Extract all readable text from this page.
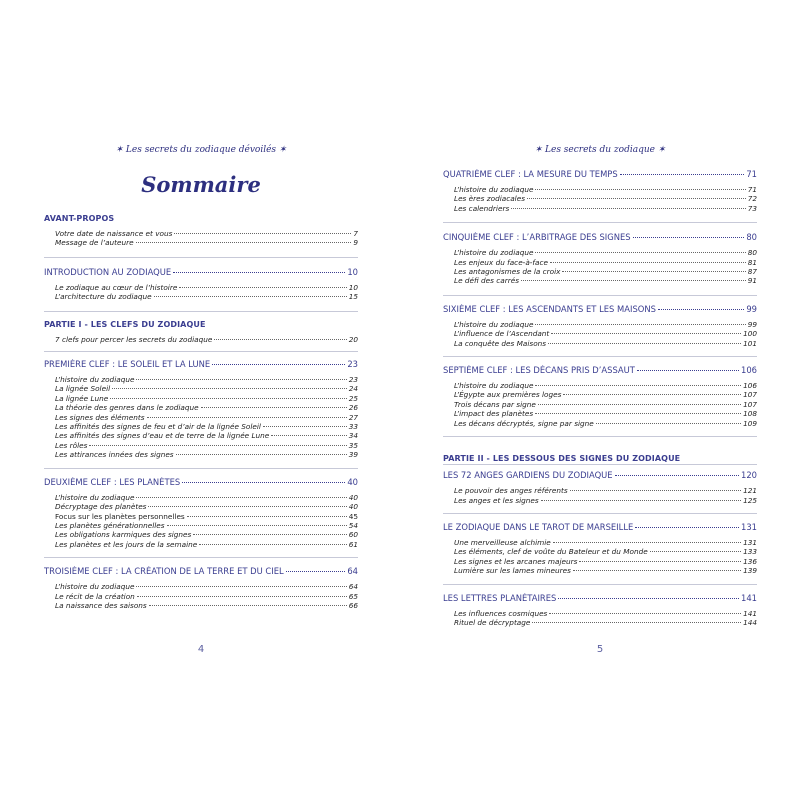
✶ Les secrets du zodiaque dévoilés ✶
Sommaire
AVANT-PROPOS
Votre date de naissance et vous	7
Message de l’auteure	9
INTRODUCTION AU ZODIAQUE	10
Le zodiaque au cœur de l’histoire	10
L’architecture du zodiaque	15
PARTIE I - LES CLEFS DU ZODIAQUE
7 clefs pour percer les secrets du zodiaque	20
PREMIÈRE CLEF : LE SOLEIL ET LA LUNE	23
L’histoire du zodiaque	23
La lignée Soleil	24
La lignée Lune	25
La théorie des genres dans le zodiaque	26
Les signes des éléments	27
Les affinités des signes de feu et d’air de la lignée Soleil	33
Les affinités des signes d’eau et de terre de la lignée Lune	34
Les rôles	35
Les attirances innées des signes	39
DEUXIÈME CLEF : LES PLANÈTES	40
L’histoire du zodiaque	40
Décryptage des planètes	40
Focus sur les planètes personnelles	45
Les planètes générationnelles	54
Les obligations karmiques des signes	60
Les planètes et les jours de la semaine	61
TROISIÈME CLEF : LA CRÉATION DE LA TERRE ET DU CIEL	64
L’histoire du zodiaque	64
Le récit de la création	65
La naissance des saisons	66
4
✶ Les secrets du zodiaque ✶
QUATRIÈME CLEF : LA MESURE DU TEMPS	71
L’histoire du zodiaque	71
Les ères zodiacales	72
Les calendriers	73
CINQUIÈME CLEF : L’ARBITRAGE DES SIGNES	80
L’histoire du zodiaque	80
Les enjeux du face-à-face	81
Les antagonismes de la croix	87
Le défi des carrés	91
SIXIÈME CLEF : LES ASCENDANTS ET LES MAISONS	99
L’histoire du zodiaque	99
L’influence de l’Ascendant	100
La conquête des Maisons	101
SEPTIÈME CLEF : LES DÉCANS PRIS D’ASSAUT	106
L’histoire du zodiaque	106
L’Égypte aux premières loges	107
Trois décans par signe	107
L’impact des planètes	108
Les décans décryptés, signe par signe	109
PARTIE II - LES DESSOUS DES SIGNES DU ZODIAQUE
LES 72 ANGES GARDIENS DU ZODIAQUE	120
Le pouvoir des anges référents	121
Les anges et les signes	125
LE ZODIAQUE DANS LE TAROT DE MARSEILLE	131
Une merveilleuse alchimie	131
Les éléments, clef de voûte du Bateleur et du Monde	133
Les signes et les arcanes majeurs	136
Lumière sur les lames mineures	139
LES LETTRES PLANÉTAIRES	141
Les influences cosmiques	141
Rituel de décryptage	144
5
